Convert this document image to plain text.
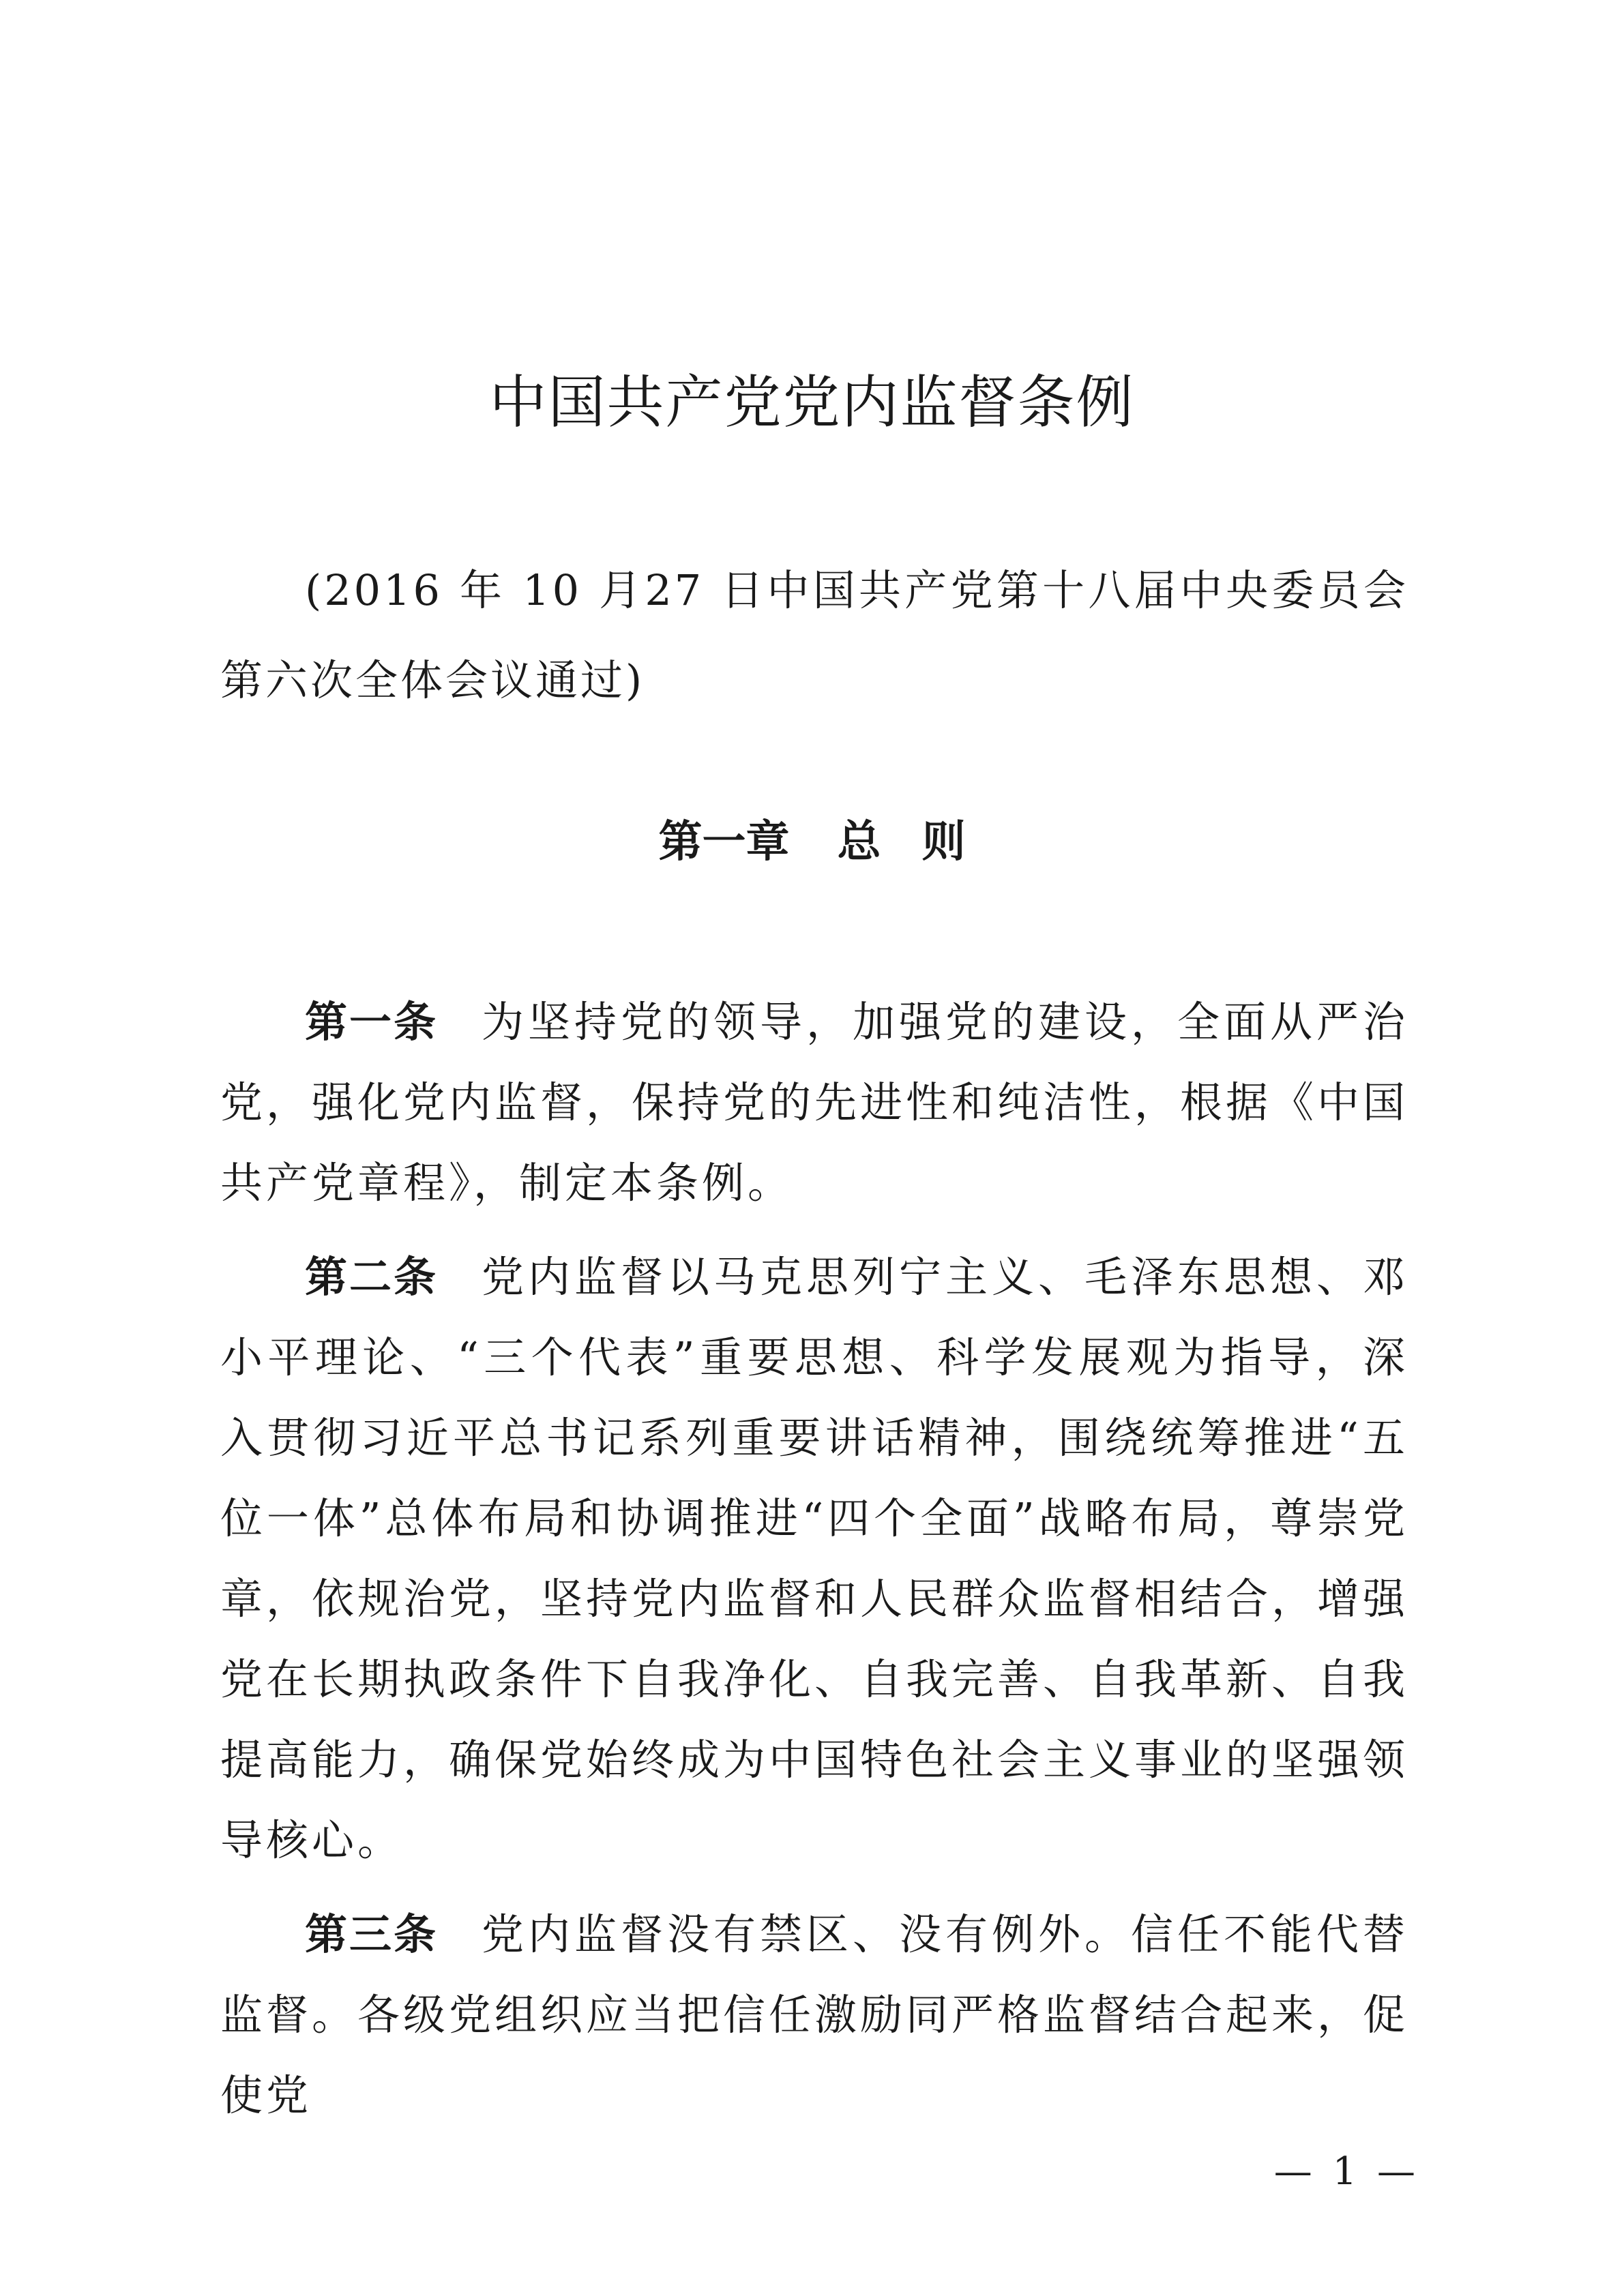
中国共产党党内监督条例

(2016 年 10 月27 日中国共产党第十八届中央委员会第六次全体会议通过)

第一章 总 则

第一条 为坚持党的领导，加强党的建设，全面从严治党，强化党内监督，保持党的先进性和纯洁性，根据《中国共产党章程》，制定本条例。

第二条 党内监督以马克思列宁主义、毛泽东思想、邓小平理论、“三个代表”重要思想、科学发展观为指导，深入贯彻习近平总书记系列重要讲话精神，围绕统筹推进“五位一体”总体布局和协调推进“四个全面”战略布局，尊崇党章，依规治党，坚持党内监督和人民群众监督相结合，增强党在长期执政条件下自我净化、自我完善、自我革新、自我提高能力，确保党始终成为中国特色社会主义事业的坚强领导核心。

第三条 党内监督没有禁区、没有例外。信任不能代替监督。各级党组织应当把信任激励同严格监督结合起来，促使党

— 1 —
